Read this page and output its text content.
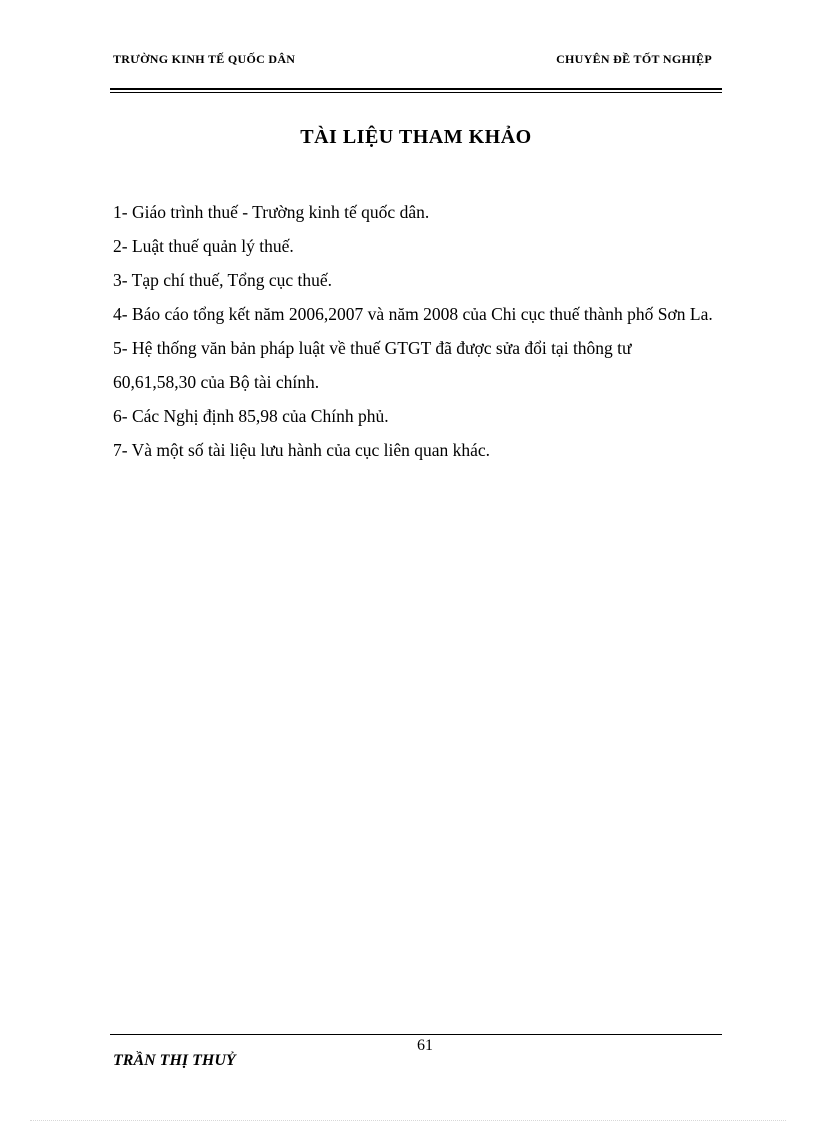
TRƯỜNG KINH TẾ QUỐC DÂN	CHUYÊN ĐỀ TỐT NGHIỆP
TÀI LIỆU THAM KHẢO
1- Giáo trình thuế - Trường kinh tế quốc dân.
2- Luật thuế quản lý thuế.
3- Tạp chí thuế, Tổng cục thuế.
4- Báo cáo tổng kết năm 2006,2007 và năm 2008 của Chi cục thuế thành phố Sơn La.
5- Hệ thống văn bản pháp luật về thuế GTGT đã được sửa đổi tại thông tư 60,61,58,30 của Bộ tài chính.
6- Các Nghị định 85,98 của Chính phủ.
7- Và một số tài liệu lưu hành của cục liên quan khác.
61
TRẦN THỊ THUỶ
